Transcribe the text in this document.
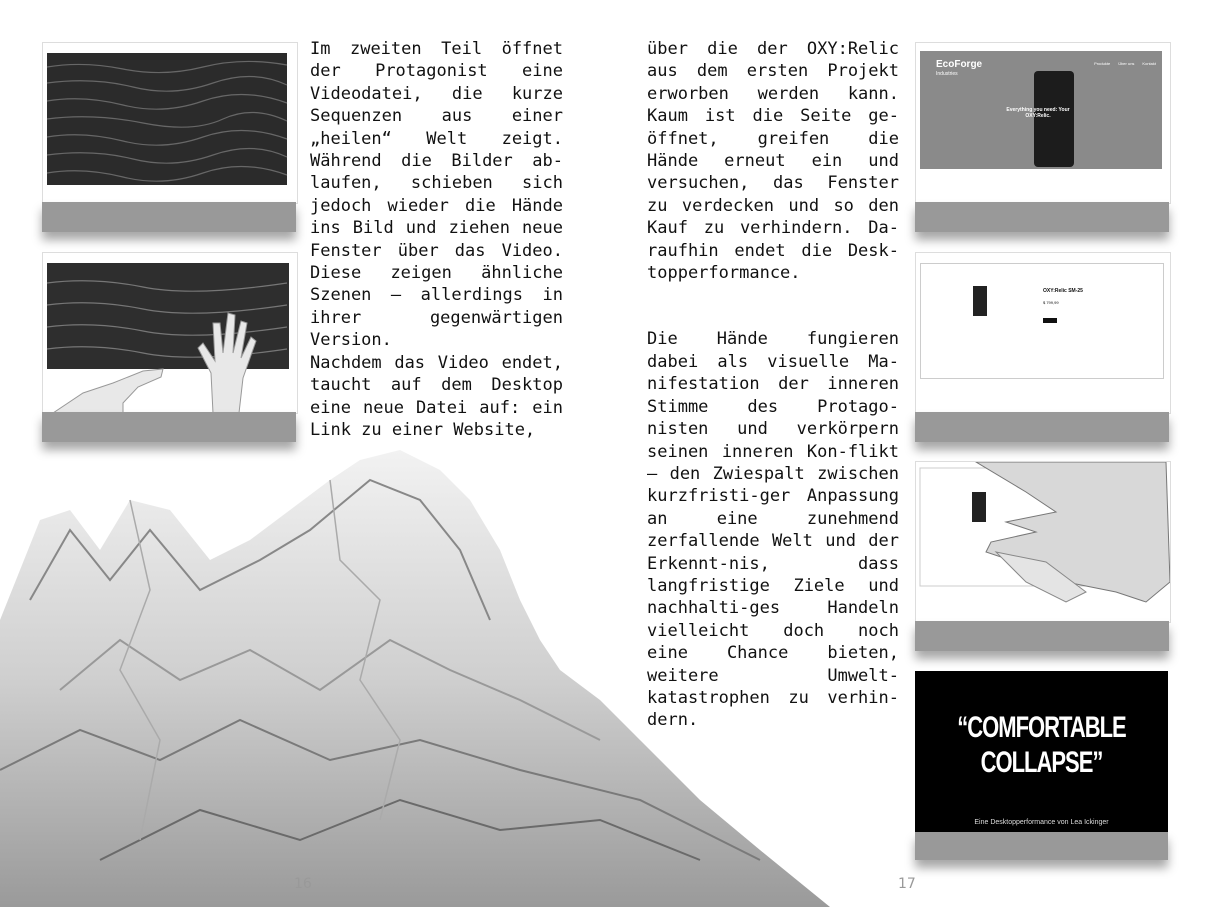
Im zweiten Teil öffnet der Protagonist eine Videodatei, die kurze Sequenzen aus einer „heilen“ Welt zeigt. Während die Bilder ab-laufen, schieben sich jedoch wieder die Hände ins Bild und ziehen neue Fenster über das Video. Diese zeigen ähnliche Szenen – allerdings in ihrer gegenwärtigen Version.

Nachdem das Video endet, taucht auf dem Desktop eine neue Datei auf: ein Link zu einer Website,

über die der OXY:Relic aus dem ersten Projekt erworben werden kann. Kaum ist die Seite ge-öffnet, greifen die Hände erneut ein und versuchen, das Fenster zu verdecken und so den Kauf zu verhindern. Da-raufhin endet die Desk-topperformance.

Die Hände fungieren dabei als visuelle Ma-nifestation der inneren Stimme des Protago-nisten und verkörpern seinen inneren Kon-flikt – den Zwiespalt zwischen kurzfristi-ger Anpassung an eine zunehmend zerfallende Welt und der Erkennt-nis, dass langfristige Ziele und nachhalti-ges Handeln vielleicht doch noch eine Chance bieten, weitere Umwelt-katastrophen zu verhin-dern.

EcoForge
Industries
Produkte Über uns Kontakt
Everything you need: Your OXY:Relic.
OXY:Relic SM-25
$ 799,99
“COMFORTABLE COLLAPSE”
Eine Desktopperformance von Lea Ickinger
16	17
